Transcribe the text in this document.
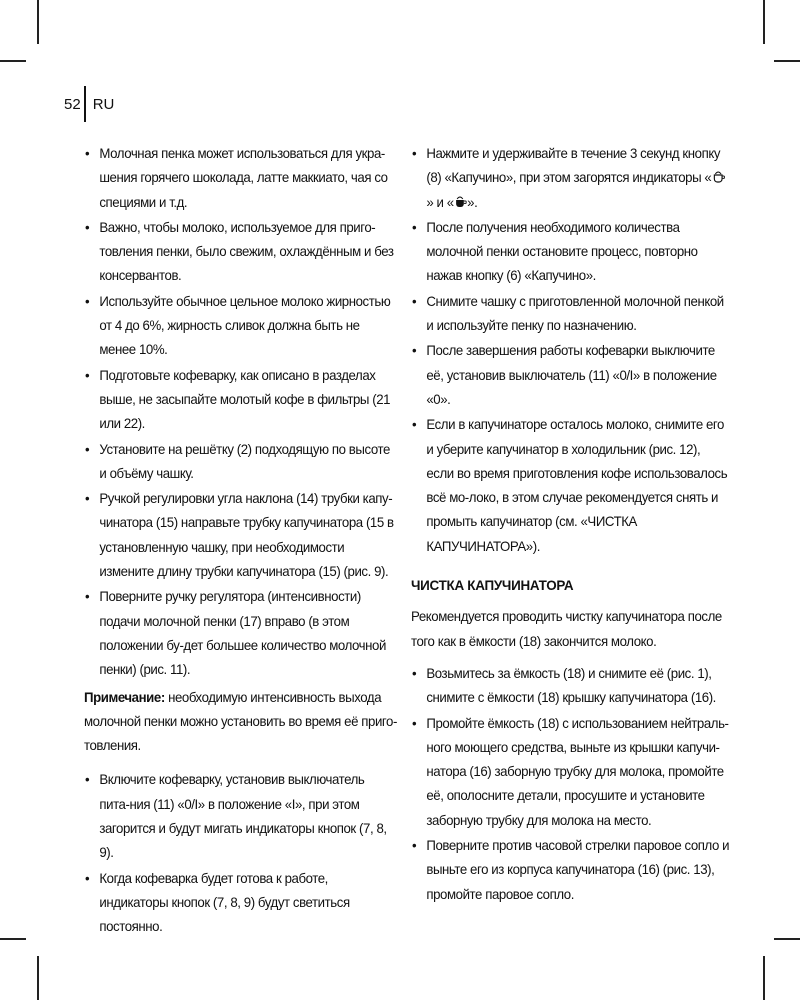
52 RU
• Молочная пенка может использоваться для укра-шения горячего шоколада, латте маккиато, чая со специями и т.д.
• Важно, чтобы молоко, используемое для приго-товления пенки, было свежим, охлаждённым и без консервантов.
• Используйте обычное цельное молоко жирностью от 4 до 6%, жирность сливок должна быть не менее 10%.
• Подготовьте кофеварку, как описано в разделах выше, не засыпайте молотый кофе в фильтры (21 или 22).
• Установите на решётку (2) подходящую по высоте и объёму чашку.
• Ручкой регулировки угла наклона (14) трубки капу-чинатора (15) направьте трубку капучинатора (15 в установленную чашку, при необходимости измените длину трубки капучинатора (15) (рис. 9).
• Поверните ручку регулятора (интенсивности) подачи молочной пенки (17) вправо (в этом положении бу-дет большее количество молочной пенки) (рис. 11).

Примечание: необходимую интенсивность выхода молочной пенки можно установить во время её приго-товления.

• Включите кофеварку, установив выключатель пита-ния (11) «0/I» в положение «I», при этом загорится и будут мигать индикаторы кнопок (7, 8, 9).
• Когда кофеварка будет готова к работе, индикаторы кнопок (7, 8, 9) будут светиться постоянно.
• Нажмите и удерживайте в течение 3 секунд кнопку (8) «Капучино», при этом загорятся индикаторы «» и « ».
• После получения необходимого количества молочной пенки остановите процесс, повторно нажав кнопку (6) «Капучино».
• Снимите чашку с приготовленной молочной пенкой и используйте пенку по назначению.
• После завершения работы кофеварки выключите её, установив выключатель (11) «0/I» в положение «0».
• Если в капучинаторе осталось молоко, снимите его и уберите капучинатор в холодильник (рис. 12), если во время приготовления кофе использовалось всё мо-локо, в этом случае рекомендуется снять и промыть капучинатор (см. «ЧИСТКА КАПУЧИНАТОРА»).
ЧИСТКА КАПУЧИНАТОРА

Рекомендуется проводить чистку капучинатора после того как в ёмкости (18) закончится молоко.

• Возьмитесь за ёмкость (18) и снимите её (рис. 1), снимите с ёмкости (18) крышку капучинатора (16).
• Промойте ёмкость (18) с использованием нейтраль-ного моющего средства, выньте из крышки капучи-натора (16) заборную трубку для молока, промойте её, ополосните детали, просушите и установите заборную трубку для молока на место.
• Поверните против часовой стрелки паровое сопло и выньте его из корпуса капучинатора (16) (рис. 13), промойте паровое сопло.
